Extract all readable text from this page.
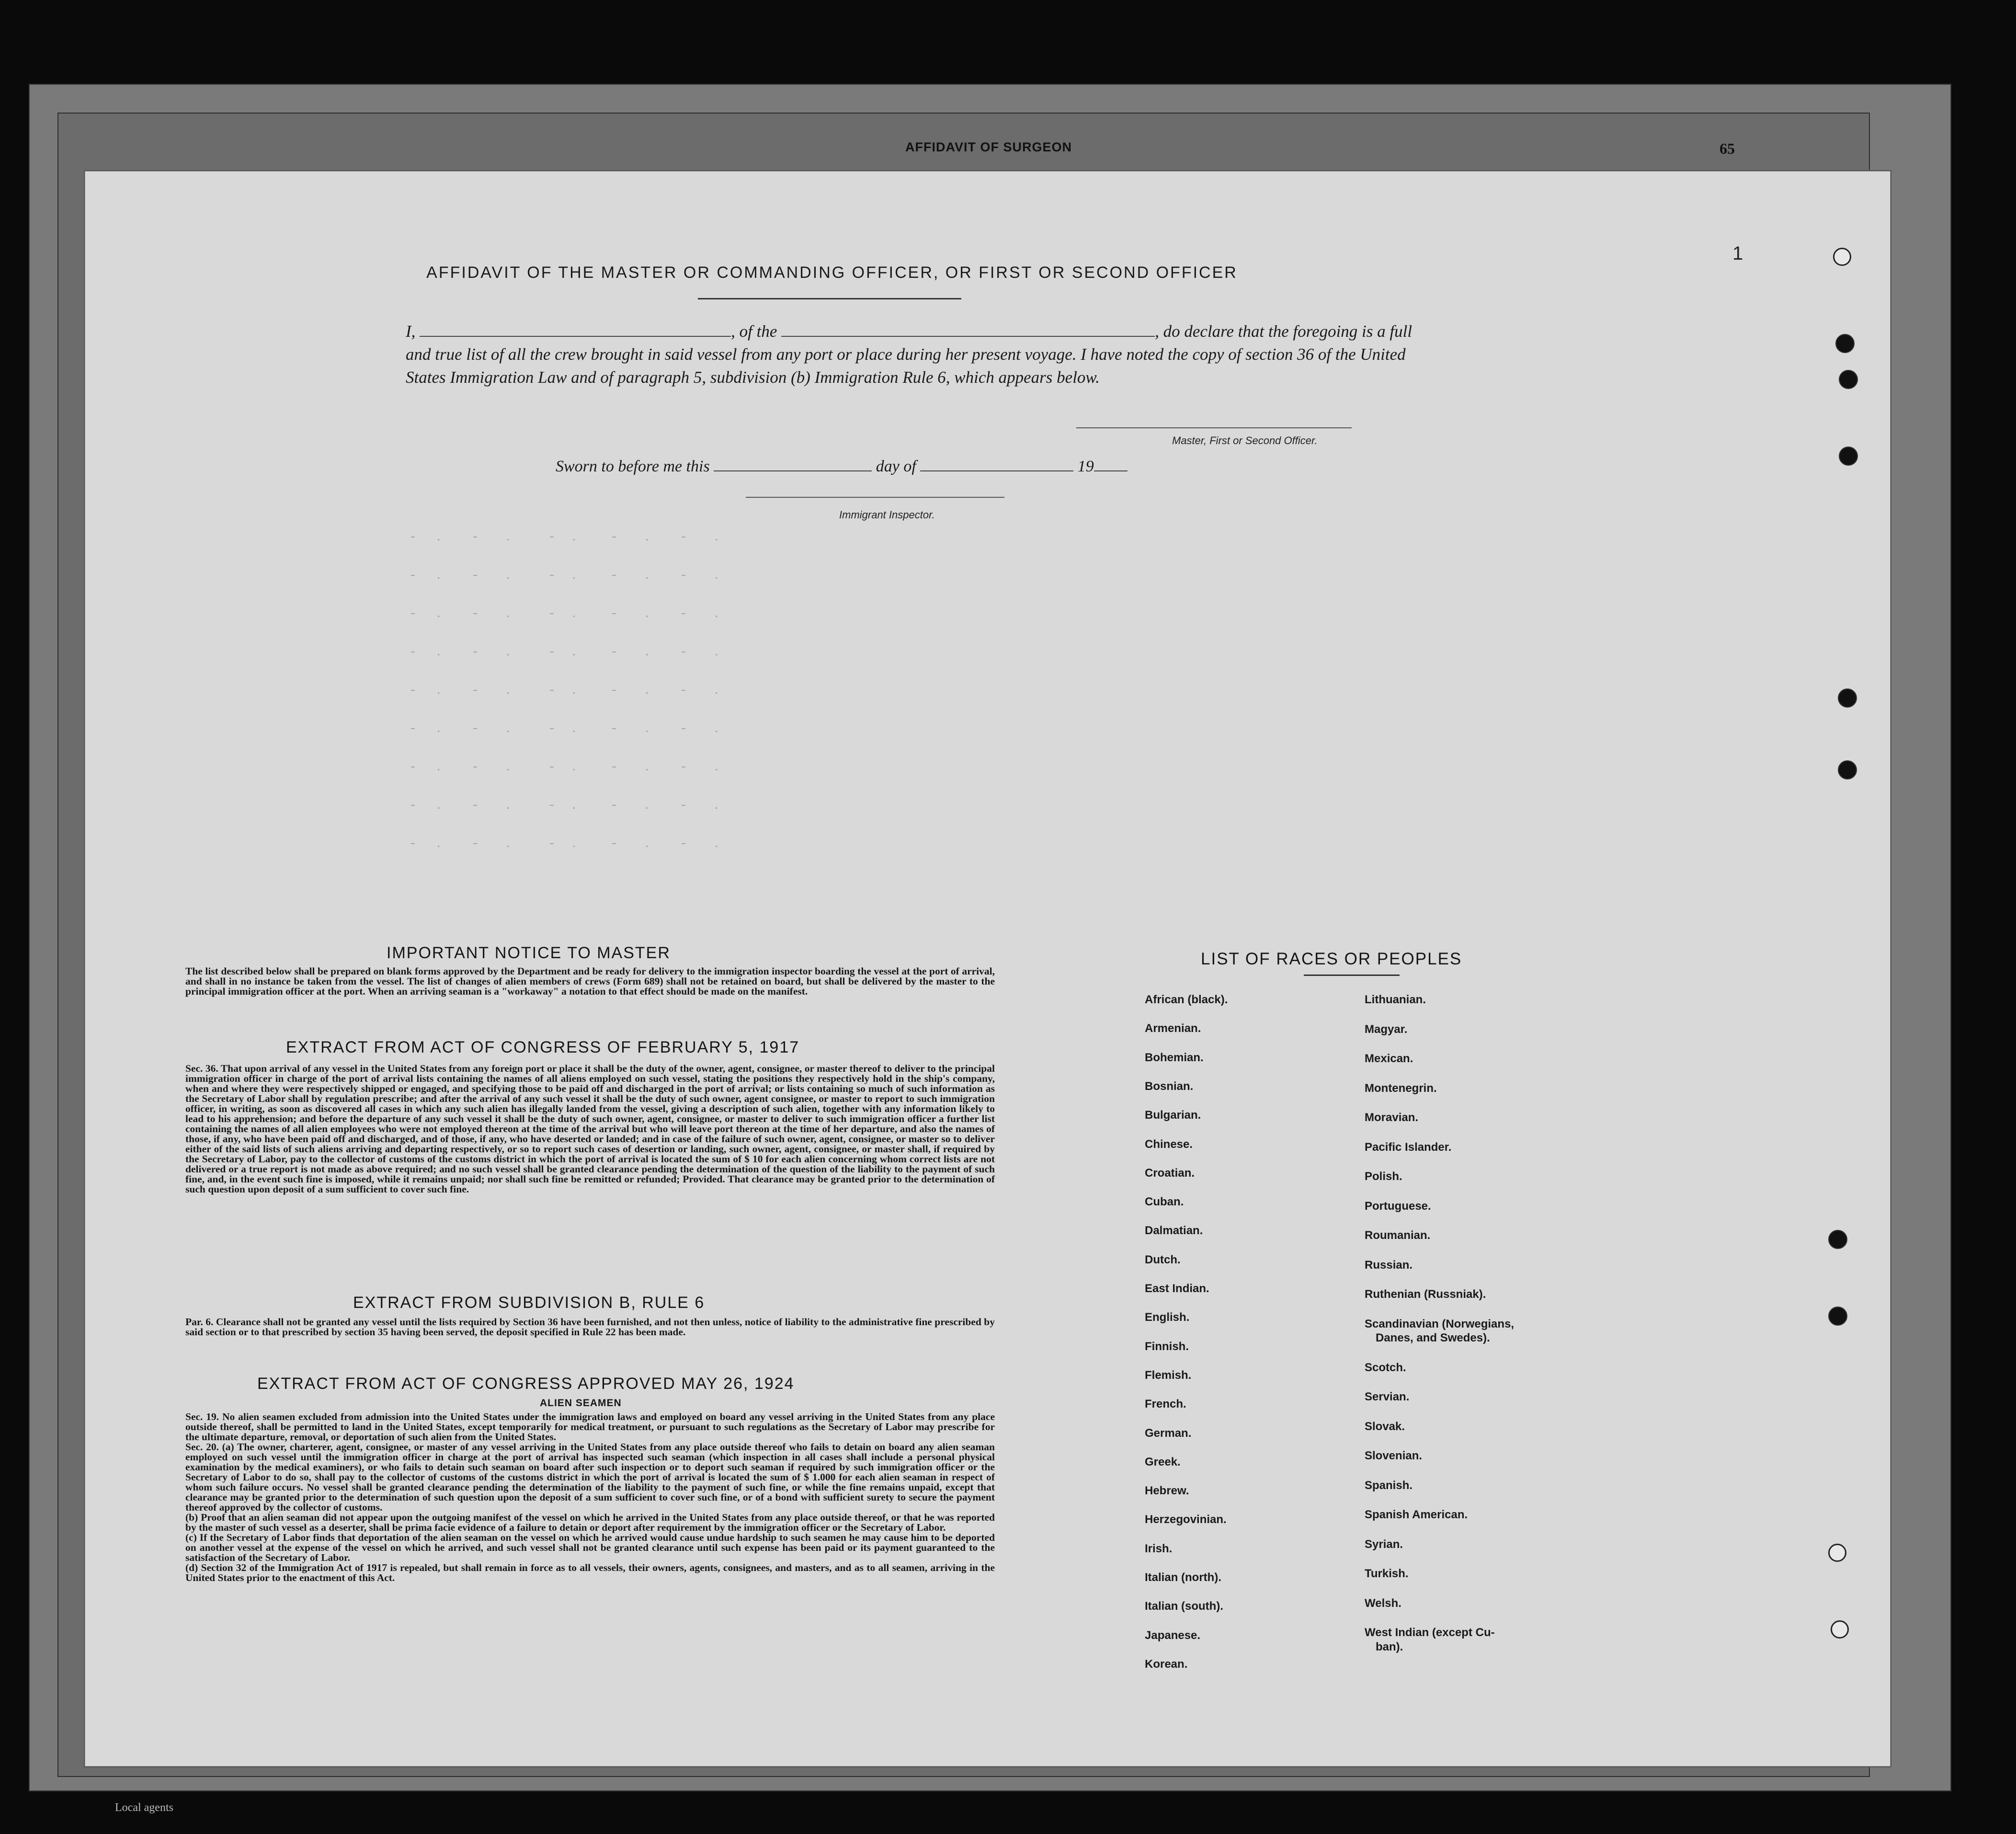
AFFIDAVIT OF SURGEON	65
Local agents
1
-      .         -        .           -     .          -        .         -        .
-      .         -        .           -     .          -        .         -        .
-      .         -        .           -     .          -        .         -        .
-      .         -        .           -     .          -        .         -        .
-      .         -        .           -     .          -        .         -        .
-      .         -        .           -     .          -        .         -        .
-      .         -        .           -     .          -        .         -        .
-      .         -        .           -     .          -        .         -        .
-      .         -        .           -     .          -        .         -        .
AFFIDAVIT OF THE MASTER OR COMMANDING OFFICER, OR FIRST OR SECOND OFFICER
I,	, of the	, do declare that the foregoing is a full and true list of all the crew brought in said vessel from any port or place during her present voyage. I have noted the copy of section 36 of the United States Immigration Law and of paragraph 5, subdivision (b) Immigration Rule 6, which appears below.
Master, First or Second Officer.
Sworn to before me this	day of	19
Immigrant Inspector.
IMPORTANT NOTICE TO MASTER
The list described below shall be prepared on blank forms approved by the Department and be ready for delivery to the immigration inspector boarding the vessel at the port of arrival, and shall in no instance be taken from the vessel. The list of changes of alien members of crews (Form 689) shall not be retained on board, but shall be delivered by the master to the principal immigration officer at the port. When an arriving seaman is a "workaway" a notation to that effect should be made on the manifest.
EXTRACT FROM ACT OF CONGRESS OF FEBRUARY 5, 1917
Sec. 36. That upon arrival of any vessel in the United States from any foreign port or place it shall be the duty of the owner, agent, consignee, or master thereof to deliver to the principal immigration officer in charge of the port of arrival lists containing the names of all aliens employed on such vessel, stating the positions they respectively hold in the ship's company, when and where they were respectively shipped or engaged, and specifying those to be paid off and discharged in the port of arrival; or lists containing so much of such information as the Secretary of Labor shall by regulation prescribe; and after the arrival of any such vessel it shall be the duty of such owner, agent consignee, or master to report to such immigration officer, in writing, as soon as discovered all cases in which any such alien has illegally landed from the vessel, giving a description of such alien, together with any information likely to lead to his apprehension; and before the departure of any such vessel it shall be the duty of such owner, agent, consignee, or master to deliver to such immigration officer a further list containing the names of all alien employees who were not employed thereon at the time of the arrival but who will leave port thereon at the time of her departure, and also the names of those, if any, who have been paid off and discharged, and of those, if any, who have deserted or landed; and in case of the failure of such owner, agent, consignee, or master so to deliver either of the said lists of such aliens arriving and departing respectively, or so to report such cases of desertion or landing, such owner, agent, consignee, or master shall, if required by the Secretary of Labor, pay to the collector of customs of the customs district in which the port of arrival is located the sum of $ 10 for each alien concerning whom correct lists are not delivered or a true report is not made as above required; and no such vessel shall be granted clearance pending the determination of the question of the liability to the payment of such fine, and, in the event such fine is imposed, while it remains unpaid; nor shall such fine be remitted or refunded; Provided. That clearance may be granted prior to the determination of such question upon deposit of a sum sufficient to cover such fine.
EXTRACT FROM SUBDIVISION B, RULE 6
Par. 6. Clearance shall not be granted any vessel until the lists required by Section 36 have been furnished, and not then unless, notice of liability to the administrative fine prescribed by said section or to that prescribed by section 35 having been served, the deposit specified in Rule 22 has been made.
EXTRACT FROM ACT OF CONGRESS APPROVED MAY 26, 1924
ALIEN SEAMEN
Sec. 19. No alien seamen excluded from admission into the United States under the immigration laws and employed on board any vessel arriving in the United States from any place outside thereof, shall be permitted to land in the United States, except temporarily for medical treatment, or pursuant to such regulations as the Secretary of Labor may prescribe for the ultimate departure, removal, or deportation of such alien from the United States.
Sec. 20. (a) The owner, charterer, agent, consignee, or master of any vessel arriving in the United States from any place outside thereof who fails to detain on board any alien seaman employed on such vessel until the immigration officer in charge at the port of arrival has inspected such seaman (which inspection in all cases shall include a personal physical examination by the medical examiners), or who fails to detain such seaman on board after such inspection or to deport such seaman if required by such immigration officer or the Secretary of Labor to do so, shall pay to the collector of customs of the customs district in which the port of arrival is located the sum of $ 1.000 for each alien seaman in respect of whom such failure occurs. No vessel shall be granted clearance pending the determination of the liability to the payment of such fine, or while the fine remains unpaid, except that clearance may be granted prior to the determination of such question upon the deposit of a sum sufficient to cover such fine, or of a bond with sufficient surety to secure the payment thereof approved by the collector of customs.
(b) Proof that an alien seaman did not appear upon the outgoing manifest of the vessel on which he arrived in the United States from any place outside thereof, or that he was reported by the master of such vessel as a deserter, shall be prima facie evidence of a failure to detain or deport after requirement by the immigration officer or the Secretary of Labor.
(c) If the Secretary of Labor finds that deportation of the alien seaman on the vessel on which he arrived would cause undue hardship to such seamen he may cause him to be deported on another vessel at the expense of the vessel on which he arrived, and such vessel shall not be granted clearance until such expense has been paid or its payment guaranteed to the satisfaction of the Secretary of Labor.
(d) Section 32 of the Immigration Act of 1917 is repealed, but shall remain in force as to all vessels, their owners, agents, consignees, and masters, and as to all seamen, arriving in the United States prior to the enactment of this Act.
LIST OF RACES OR PEOPLES
African (black).
Armenian.
Bohemian.
Bosnian.
Bulgarian.
Chinese.
Croatian.
Cuban.
Dalmatian.
Dutch.
East Indian.
English.
Finnish.
Flemish.
French.
German.
Greek.
Hebrew.
Herzegovinian.
Irish.
Italian (north).
Italian (south).
Japanese.
Korean.
Lithuanian.
Magyar.
Mexican.
Montenegrin.
Moravian.
Pacific Islander.
Polish.
Portuguese.
Roumanian.
Russian.
Ruthenian (Russniak).
Scandinavian (Norwegians,
Danes, and Swedes).
Scotch.
Servian.
Slovak.
Slovenian.
Spanish.
Spanish American.
Syrian.
Turkish.
Welsh.
West Indian (except Cu-
ban).
